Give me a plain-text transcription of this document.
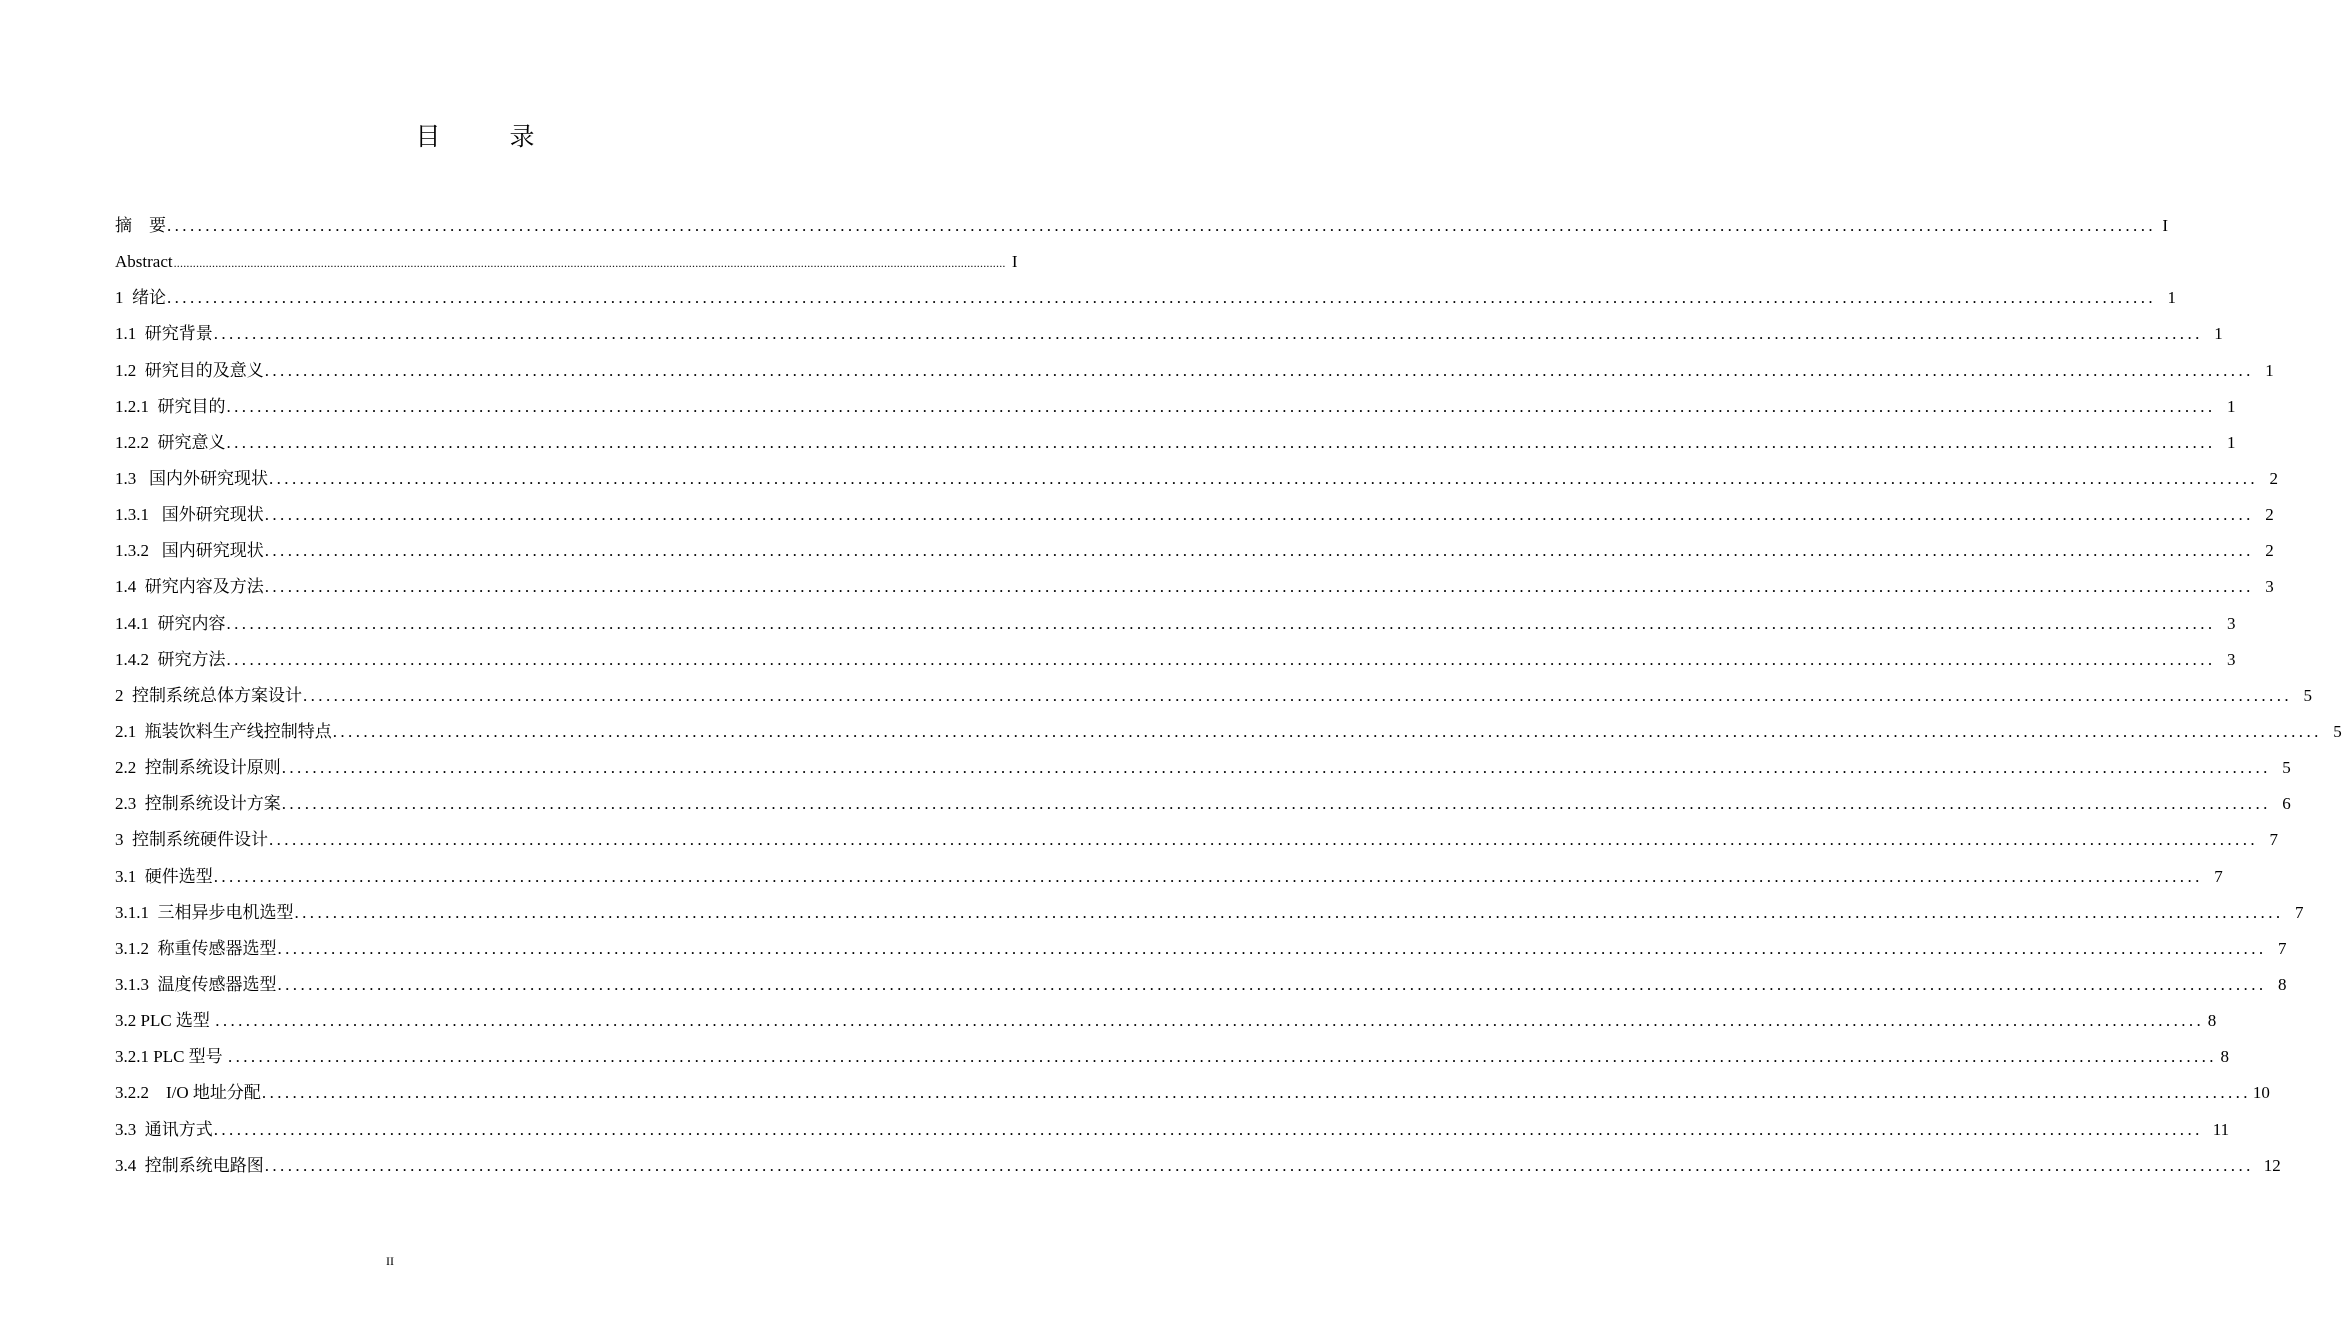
目　录
摘　要 .................................................................................................................................................................................................................................................................... I
Abstract .................................................................................................................................................................................................................................................................... I
1  绪论 .................................................................................................................................................................................................................................................................... 1
1.1  研究背景 .................................................................................................................................................................................................................................................................... 1
1.2  研究目的及意义 .................................................................................................................................................................................................................................................................... 1
1.2.1  研究目的 .................................................................................................................................................................................................................................................................... 1
1.2.2  研究意义 .................................................................................................................................................................................................................................................................... 1
1.3   国内外研究现状 .................................................................................................................................................................................................................................................................... 2
1.3.1   国外研究现状 .................................................................................................................................................................................................................................................................... 2
1.3.2   国内研究现状 .................................................................................................................................................................................................................................................................... 2
1.4  研究内容及方法 .................................................................................................................................................................................................................................................................... 3
1.4.1  研究内容 .................................................................................................................................................................................................................................................................... 3
1.4.2  研究方法 .................................................................................................................................................................................................................................................................... 3
2  控制系统总体方案设计 .................................................................................................................................................................................................................................................................... 5
2.1  瓶装饮料生产线控制特点 .................................................................................................................................................................................................................................................................... 5
2.2  控制系统设计原则 .................................................................................................................................................................................................................................................................... 5
2.3  控制系统设计方案 .................................................................................................................................................................................................................................................................... 6
3  控制系统硬件设计 .................................................................................................................................................................................................................................................................... 7
3.1  硬件选型 .................................................................................................................................................................................................................................................................... 7
3.1.1  三相异步电机选型 .................................................................................................................................................................................................................................................................... 7
3.1.2  称重传感器选型 .................................................................................................................................................................................................................................................................... 7
3.1.3  温度传感器选型 .................................................................................................................................................................................................................................................................... 8
3.2 PLC 选型 .................................................................................................................................................................................................................................................................... 8
3.2.1 PLC 型号 .................................................................................................................................................................................................................................................................... 8
3.2.2    I/O 地址分配 .................................................................................................................................................................................................................................................................... 10
3.3  通讯方式 .................................................................................................................................................................................................................................................................... 11
3.4  控制系统电路图 .................................................................................................................................................................................................................................................................... 12
II
